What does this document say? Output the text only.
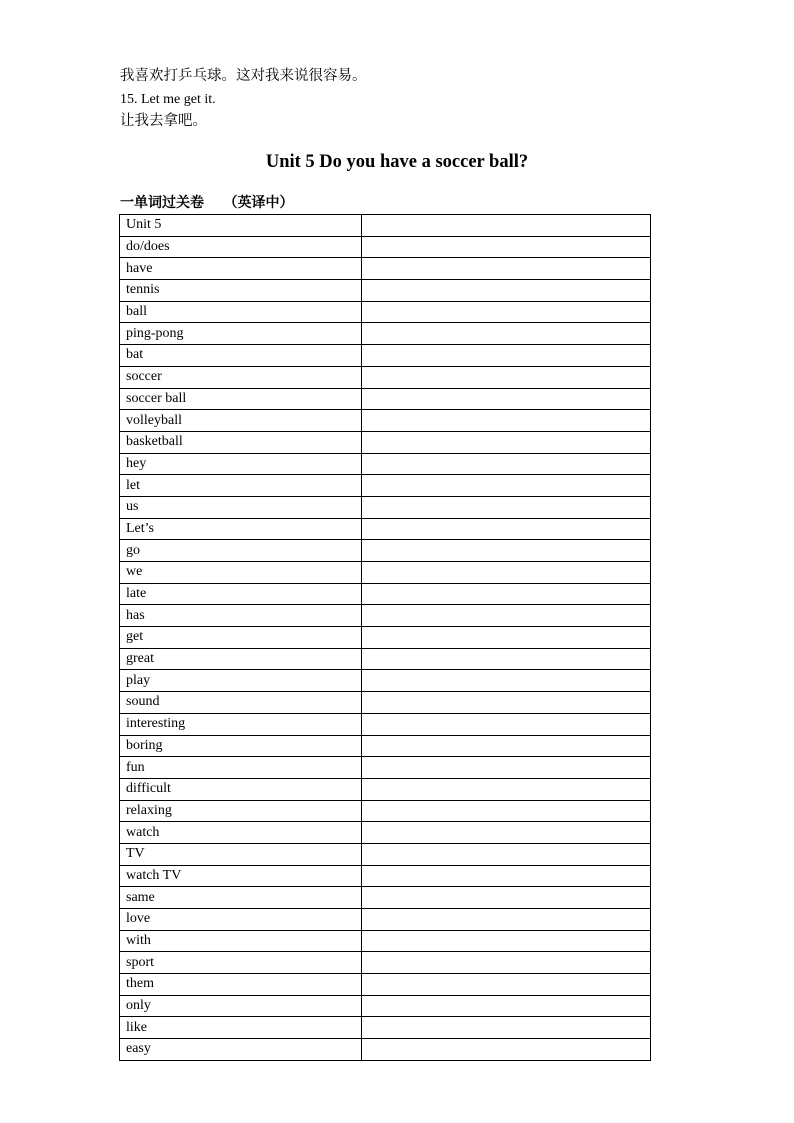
我喜欢打乒乓球。这对我来说很容易。
15. Let me get it.
让我去拿吧。
Unit 5 Do you have a soccer ball?
一单词过关卷    （英译中）
Unit 5	
do/does	
have	
tennis	
ball	
ping-pong	
bat	
soccer	
soccer ball	
volleyball	
basketball	
hey	
let	
us	
Let’s	
go	
we	
late	
has	
get	
great	
play	
sound	
interesting	
boring	
fun	
difficult	
relaxing	
watch	
TV	
watch TV	
same	
love	
with	
sport	
them	
only	
like	
easy	
